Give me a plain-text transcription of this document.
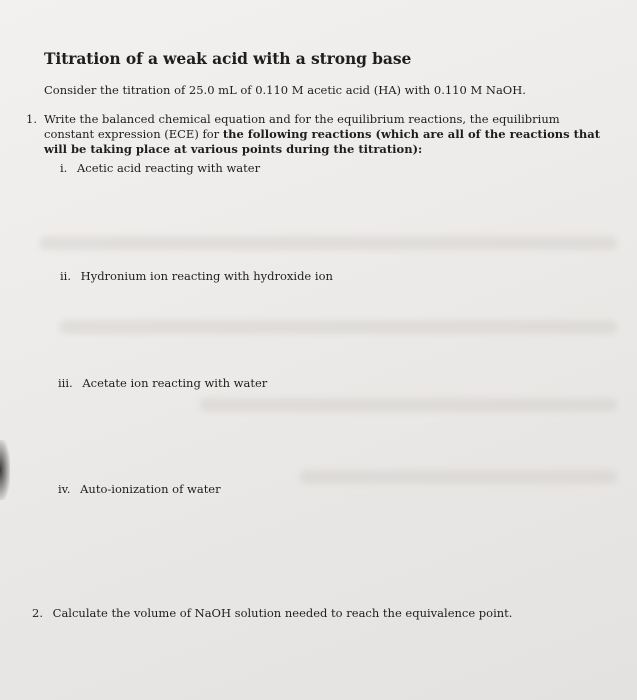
Titration of a weak acid with a strong base
Consider the titration of 25.0 mL of 0.110 M acetic acid (HA) with 0.110 M NaOH.
1. Write the balanced chemical equation and for the equilibrium reactions, the equilibrium constant expression (ECE) for the following reactions (which are all of the reactions that will be taking place at various points during the titration):
i. Acetic acid reacting with water
ii. Hydronium ion reacting with hydroxide ion
iii. Acetate ion reacting with water
iv. Auto-ionization of water
2. Calculate the volume of NaOH solution needed to reach the equivalence point.
